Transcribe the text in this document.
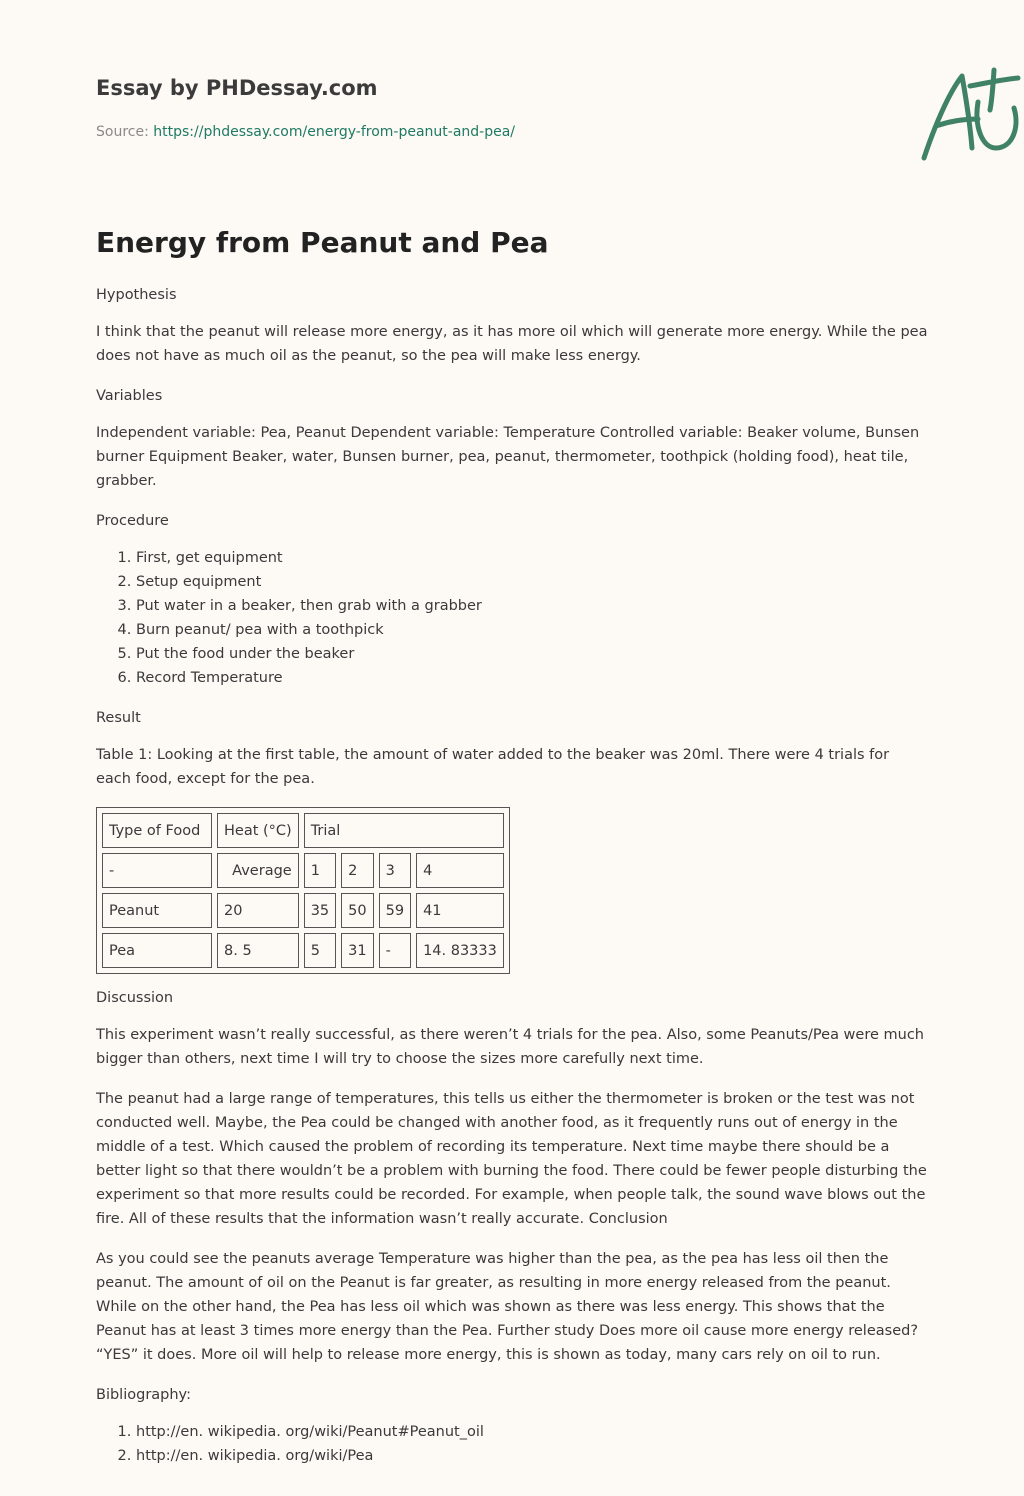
Essay by PHDessay.com

Source: https://phdessay.com/energy-from-peanut-and-pea/

Energy from Peanut and Pea

Hypothesis

I think that the peanut will release more energy, as it has more oil which will generate more energy. While the pea does not have as much oil as the peanut, so the pea will make less energy.

Variables

Independent variable: Pea, Peanut Dependent variable: Temperature Controlled variable: Beaker volume, Bunsen burner Equipment Beaker, water, Bunsen burner, pea, peanut, thermometer, toothpick (holding food), heat tile, grabber.

Procedure

1. First, get equipment
2. Setup equipment
3. Put water in a beaker, then grab with a grabber
4. Burn peanut/ pea with a toothpick
5. Put the food under the beaker
6. Record Temperature

Result

Table 1: Looking at the first table, the amount of water added to the beaker was 20ml. There were 4 trials for each food, except for the pea.

Type of Food	Heat (°C)	Trial			
-	Average	1	2	3	4
Peanut	20	35	50	59	41
Pea	8. 5	5	31	-	14. 83333

Discussion

This experiment wasn’t really successful, as there weren’t 4 trials for the pea. Also, some Peanuts/Pea were much bigger than others, next time I will try to choose the sizes more carefully next time.

The peanut had a large range of temperatures, this tells us either the thermometer is broken or the test was not conducted well. Maybe, the Pea could be changed with another food, as it frequently runs out of energy in the middle of a test. Which caused the problem of recording its temperature. Next time maybe there should be a better light so that there wouldn’t be a problem with burning the food. There could be fewer people disturbing the experiment so that more results could be recorded. For example, when people talk, the sound wave blows out the fire. All of these results that the information wasn’t really accurate. Conclusion

As you could see the peanuts average Temperature was higher than the pea, as the pea has less oil then the peanut. The amount of oil on the Peanut is far greater, as resulting in more energy released from the peanut. While on the other hand, the Pea has less oil which was shown as there was less energy. This shows that the Peanut has at least 3 times more energy than the Pea. Further study Does more oil cause more energy released? “YES” it does. More oil will help to release more energy, this is shown as today, many cars rely on oil to run.

Bibliography:

1. http://en. wikipedia. org/wiki/Peanut#Peanut_oil
2. http://en. wikipedia. org/wiki/Pea
